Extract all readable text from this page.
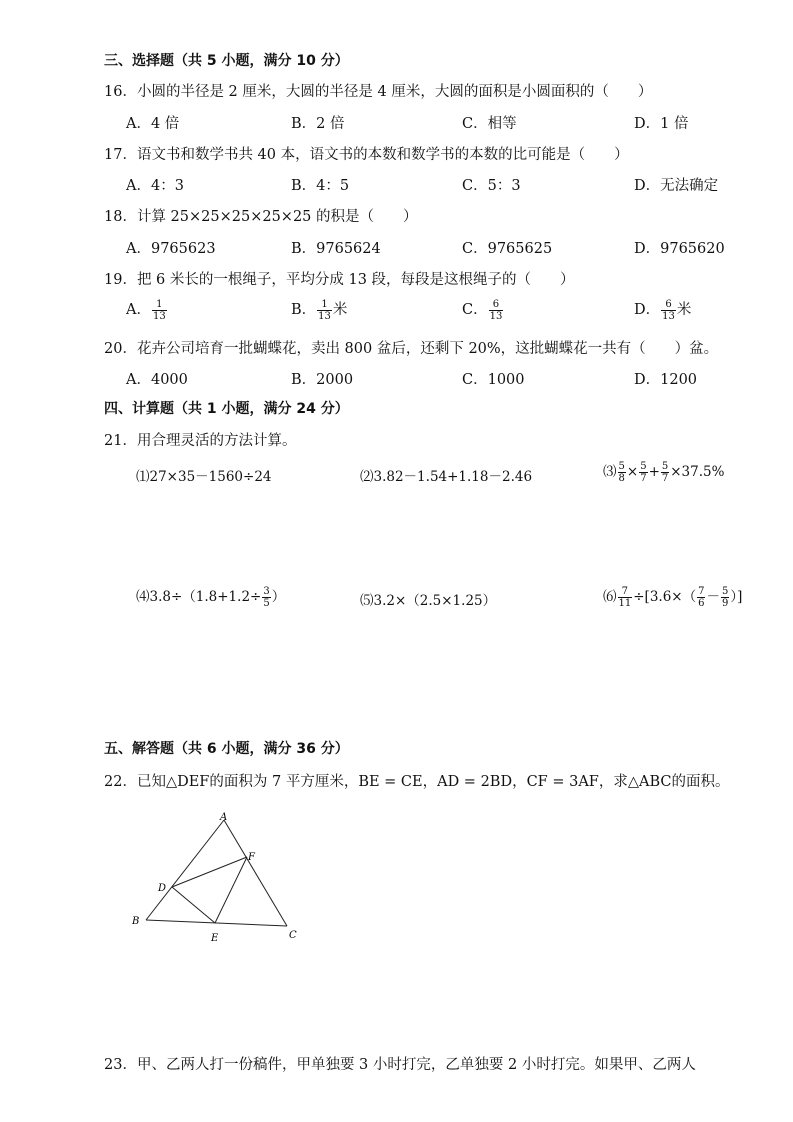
三、选择题（共 5 小题，满分 10 分）
16．小圆的半径是 2 厘米，大圆的半径是 4 厘米，大圆的面积是小圆面积的（　　）
A．4 倍	B．2 倍	C．相等	D．1 倍
17．语文书和数学书共 40 本，语文书的本数和数学书的本数的比可能是（　　）
A．4：3	B．4：5	C．5：3	D．无法确定
18．计算 25×25×25×25×25 的积是（　　）
A．9765623	B．9765624	C．9765625	D．9765620
19．把 6 米长的一根绳子，平均分成 13 段，每段是这根绳子的（　　）
A． $\frac{1}{13}$	B． $\frac{1}{13}$ 米	C． $\frac{6}{13}$	D． $\frac{6}{13}$ 米
20．花卉公司培育一批蝴蝶花，卖出 800 盆后，还剩下 20%，这批蝴蝶花一共有（　　）盆。
A．4000	B．2000	C．1000	D．1200
四、计算题（共 1 小题，满分 24 分）
21．用合理灵活的方法计算。
⑴27×35－1560÷24	⑵3.82－1.54+1.18－2.46	⑶ $\frac{5}{8} \times \frac{5}{7} + \frac{5}{7} \times 37.5\%$
⑷3.8÷（1.8+1.2÷ $\frac{3}{5}$ ）	⑸3.2×（2.5×1.25）	⑹ $\frac{7}{11} \div[3.6\times( \frac{7}{6} - \frac{5}{9}$ ）]
五、解答题（共 6 小题，满分 36 分）
22．已知△DEF的面积为 7 平方厘米，BE = CE，AD = 2BD，CF = 3AF，求△ABC的面积。
A
B
C
D
E
F
23．甲、乙两人打一份稿件，甲单独要 3 小时打完，乙单独要 2 小时打完。如果甲、乙两人
